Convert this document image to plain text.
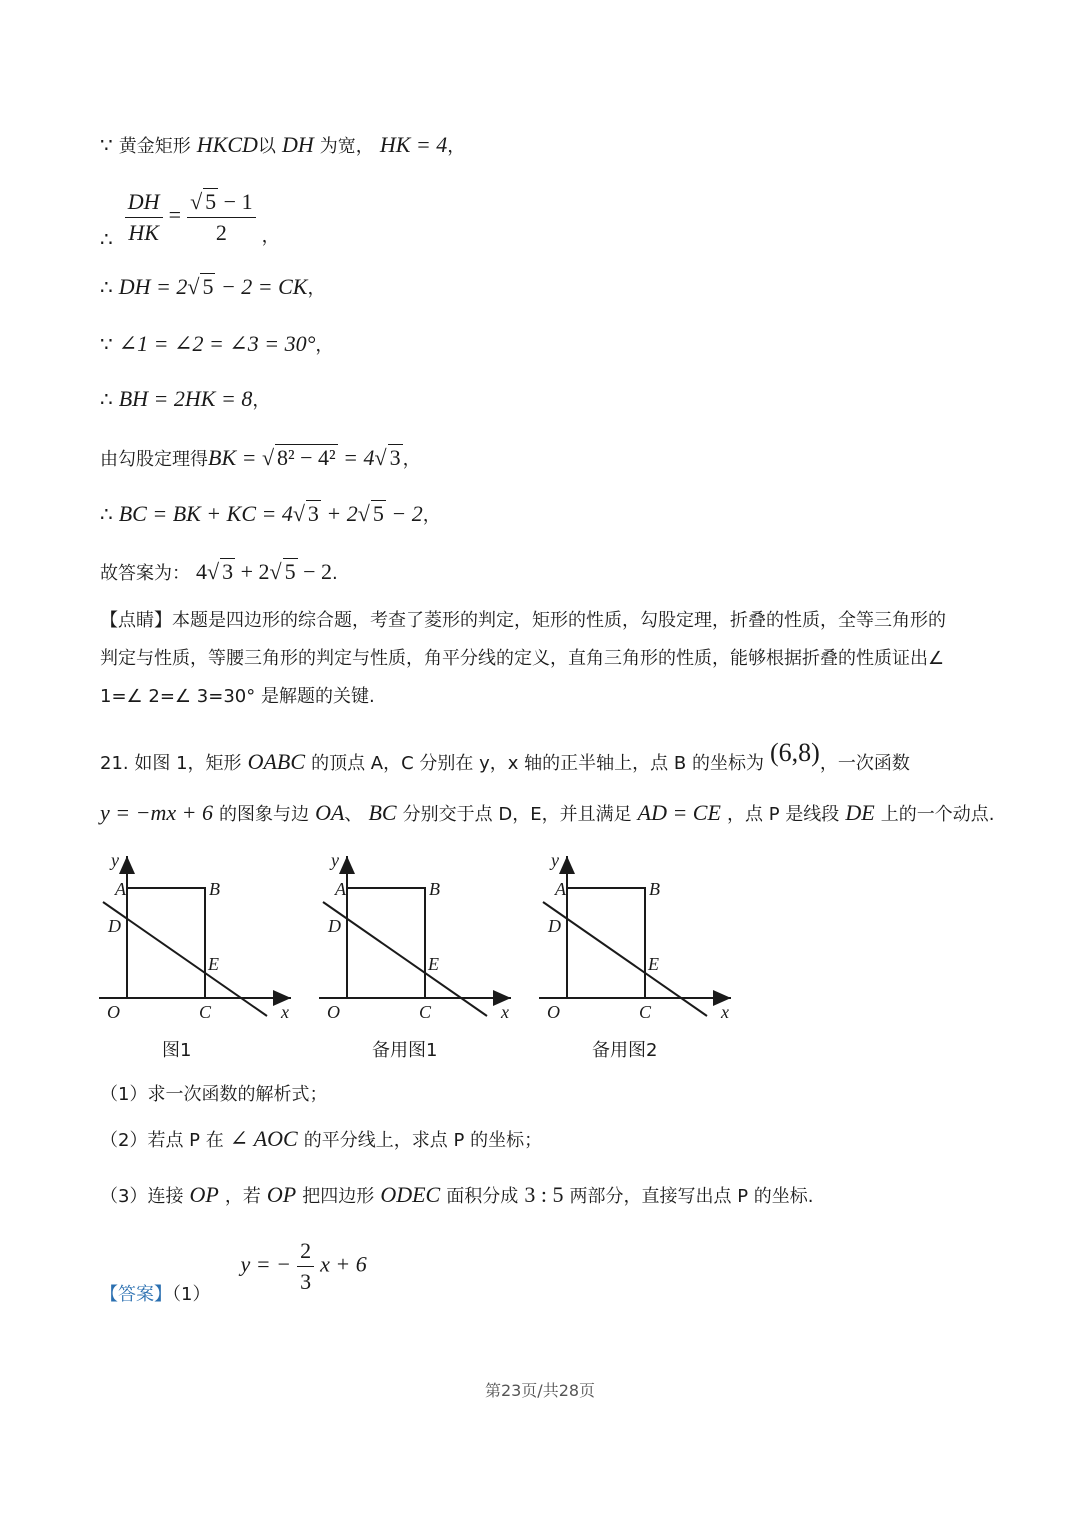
∵ 黄金矩形 HKCD以 DH 为宽， HK = 4，
∴ $\frac{DH}{HK} = \frac{√ 5 - 1}{2}$ ，
∴ DH = 2√ 5 − 2 = CK，
∵ ∠1 = ∠2 = ∠3 = 30°，
∴ BH = 2HK = 8，
由勾股定理得BK = √ 8² − 4² = 4√ 3 ，
∴ BC = BK + KC = 4√ 3 + 2√ 5 − 2，
故答案为： 4√ 3 + 2√ 5 − 2.
【点睛】本题是四边形的综合题，考查了菱形的判定，矩形的性质，勾股定理，折叠的性质，全等三角形的
判定与性质，等腰三角形的判定与性质，角平分线的定义，直角三角形的性质，能够根据折叠的性质证出∠
1=∠ 2=∠ 3=30° 是解题的关键.
21. 如图 1，矩形 OABC 的顶点 A，C 分别在 y，x 轴的正半轴上，点 B 的坐标为 (6,8)，一次函数
y = −mx + 6 的图象与边 OA、 BC 分别交于点 D，E，并且满足 AD = CE ，点 P 是线段 DE 上的一个动点.
y
A	B
D
E
O	C	x
y
A	B
D
E
O	C	x
y
A	B
D
E
O	C	x
图1	备用图1	备用图2
（1）求一次函数的解析式；
（2）若点 P 在 ∠ AOC 的平分线上，求点 P 的坐标；
（3）连接 OP ，若 OP 把四边形 ODEC 面积分成 3 : 5 两部分，直接写出点 P 的坐标.
【答案】（1）  y = − $\frac{2}{3}$ x + 6
第23页/共28页
